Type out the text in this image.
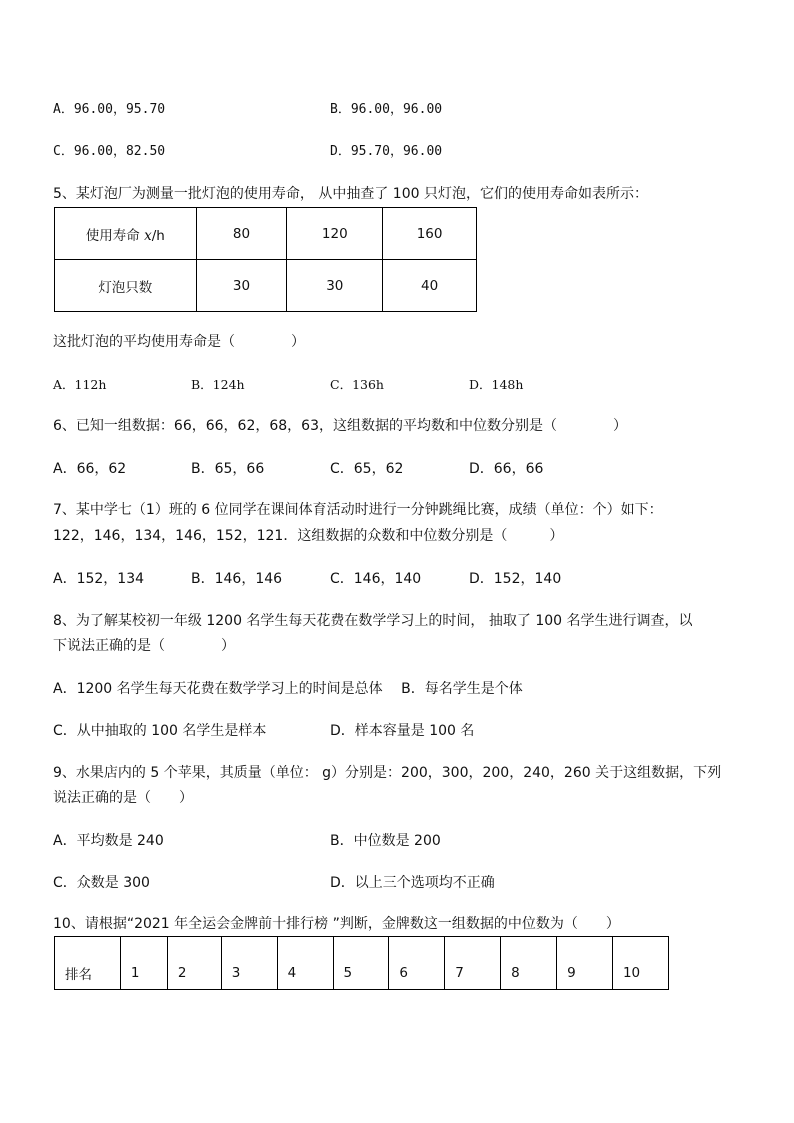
A．96.00，95.70	B．96.00，96.00
C．96.00，82.50	D．95.70，96.00
5、某灯泡厂为测量一批灯泡的使用寿命， 从中抽查了 100 只灯泡，它们的使用寿命如表所示：
使用寿命 x/h	80	120	160
灯泡只数	30	30	40
这批灯泡的平均使用寿命是（　　　　）
A．112h	B．124h	C．136h	D．148h
6、已知一组数据：66，66，62，68，63，这组数据的平均数和中位数分别是（　　　　）
A．66，62	B．65，66	C．65，62	D．66，66
7、某中学七（1）班的 6 位同学在课间体育活动时进行一分钟跳绳比赛，成绩（单位：个）如下：
122，146，134，146，152，121．这组数据的众数和中位数分别是（　　　）
A．152，134	B．146，146	C．146，140	D．152，140
8、为了解某校初一年级 1200 名学生每天花费在数学学习上的时间， 抽取了 100 名学生进行调查，以
下说法正确的是（　　　　）
A．1200 名学生每天花费在数学学习上的时间是总体　 B．每名学生是个体
C．从中抽取的 100 名学生是样本	D．样本容量是 100 名
9、水果店内的 5 个苹果，其质量（单位： g）分别是：200，300，200，240，260 关于这组数据，下列
说法正确的是（　　）
A．平均数是 240	B．中位数是 200
C．众数是 300	D．以上三个选项均不正确
10、请根据“2021 年全运会金牌前十排行榜 ”判断，金牌数这一组数据的中位数为（　　）
排名	1	2	3	4	5	6	7	8	9	10
